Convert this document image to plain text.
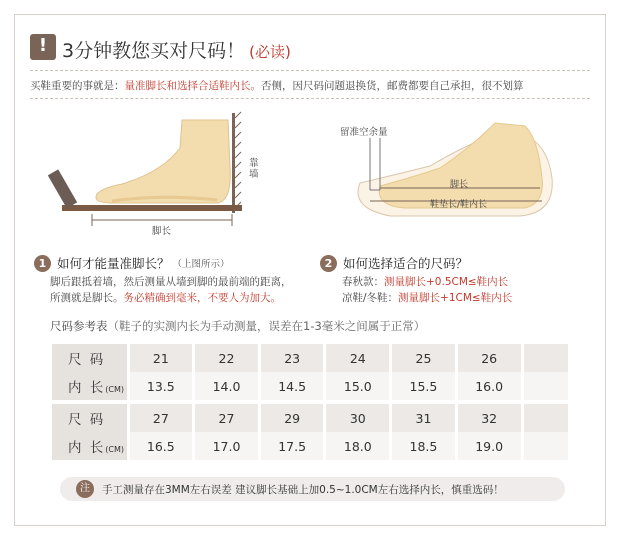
! 3分钟教您买对尺码！ (必读)
买鞋重要的事就是：量准脚长和选择合适鞋内长。否侧，因尺码问题退换货，邮费都要自己承担，很不划算
靠墙
脚长
留准空余量
脚长
鞋垫长/鞋内长
1 如何才能量准脚长？ （上图所示）
脚后跟抵着墙，然后测量从墙到脚的最前端的距离，
所测就是脚长。务必精确到毫米，不要人为加大。
2 如何选择适合的尺码？
春秋款：测量脚长+0.5CM≤鞋内长
凉鞋/冬鞋：测量脚长+1CM≤鞋内长
尺码参考表（鞋子的实测内长为手动测量，误差在1-3毫米之间属于正常）
尺 码	21	22	23	24	25	26	
内 长(CM)	13.5	14.0	14.5	15.0	15.5	16.0	

尺 码	27	27	29	30	31	32	
内 长(CM)	16.5	17.0	17.5	18.0	18.5	19.0	
注	手工测量存在3MM左右误差 建议脚长基础上加0.5~1.0CM左右选择内长，慎重选码！
